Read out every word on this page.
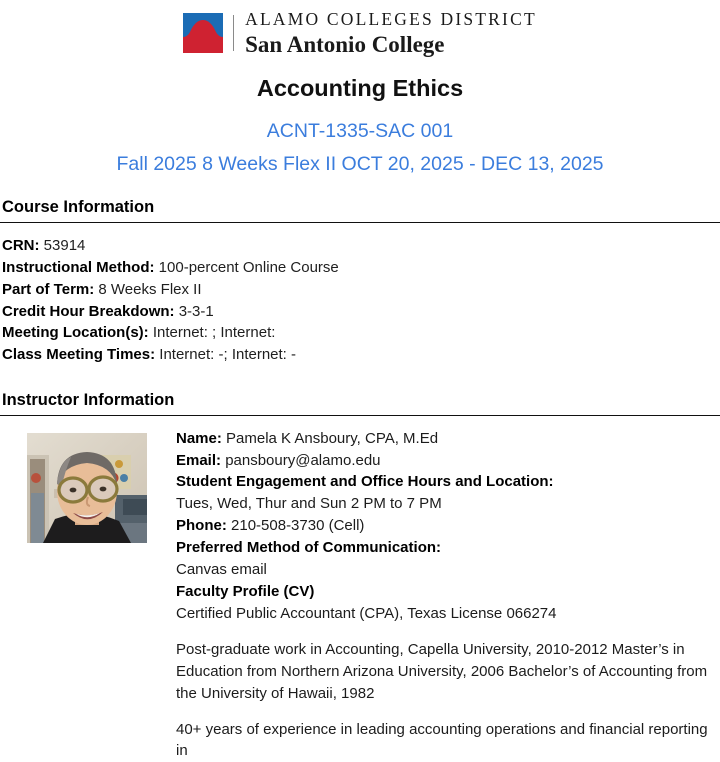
ALAMO COLLEGES DISTRICT
San Antonio College
Accounting Ethics
ACNT-1335-SAC 001
Fall 2025 8 Weeks Flex II OCT 20, 2025 - DEC 13, 2025
Course Information
CRN: 53914
Instructional Method: 100-percent Online Course
Part of Term: 8 Weeks Flex II
Credit Hour Breakdown: 3-3-1
Meeting Location(s): Internet: ; Internet:
Class Meeting Times: Internet: -; Internet: -
Instructor Information
Name: Pamela K Ansboury, CPA, M.Ed
Email: pansboury@alamo.edu
Student Engagement and Office Hours and Location:
Tues, Wed, Thur and Sun 2 PM to 7 PM
Phone: 210-508-3730 (Cell)
Preferred Method of Communication:
Canvas email
Faculty Profile (CV)
Certified Public Accountant (CPA), Texas License 066274
Post-graduate work in Accounting, Capella University, 2010-2012 Master’s in Education from Northern Arizona University, 2006 Bachelor’s of Accounting from the University of Hawaii, 1982
40+ years of experience in leading accounting operations and financial reporting in
